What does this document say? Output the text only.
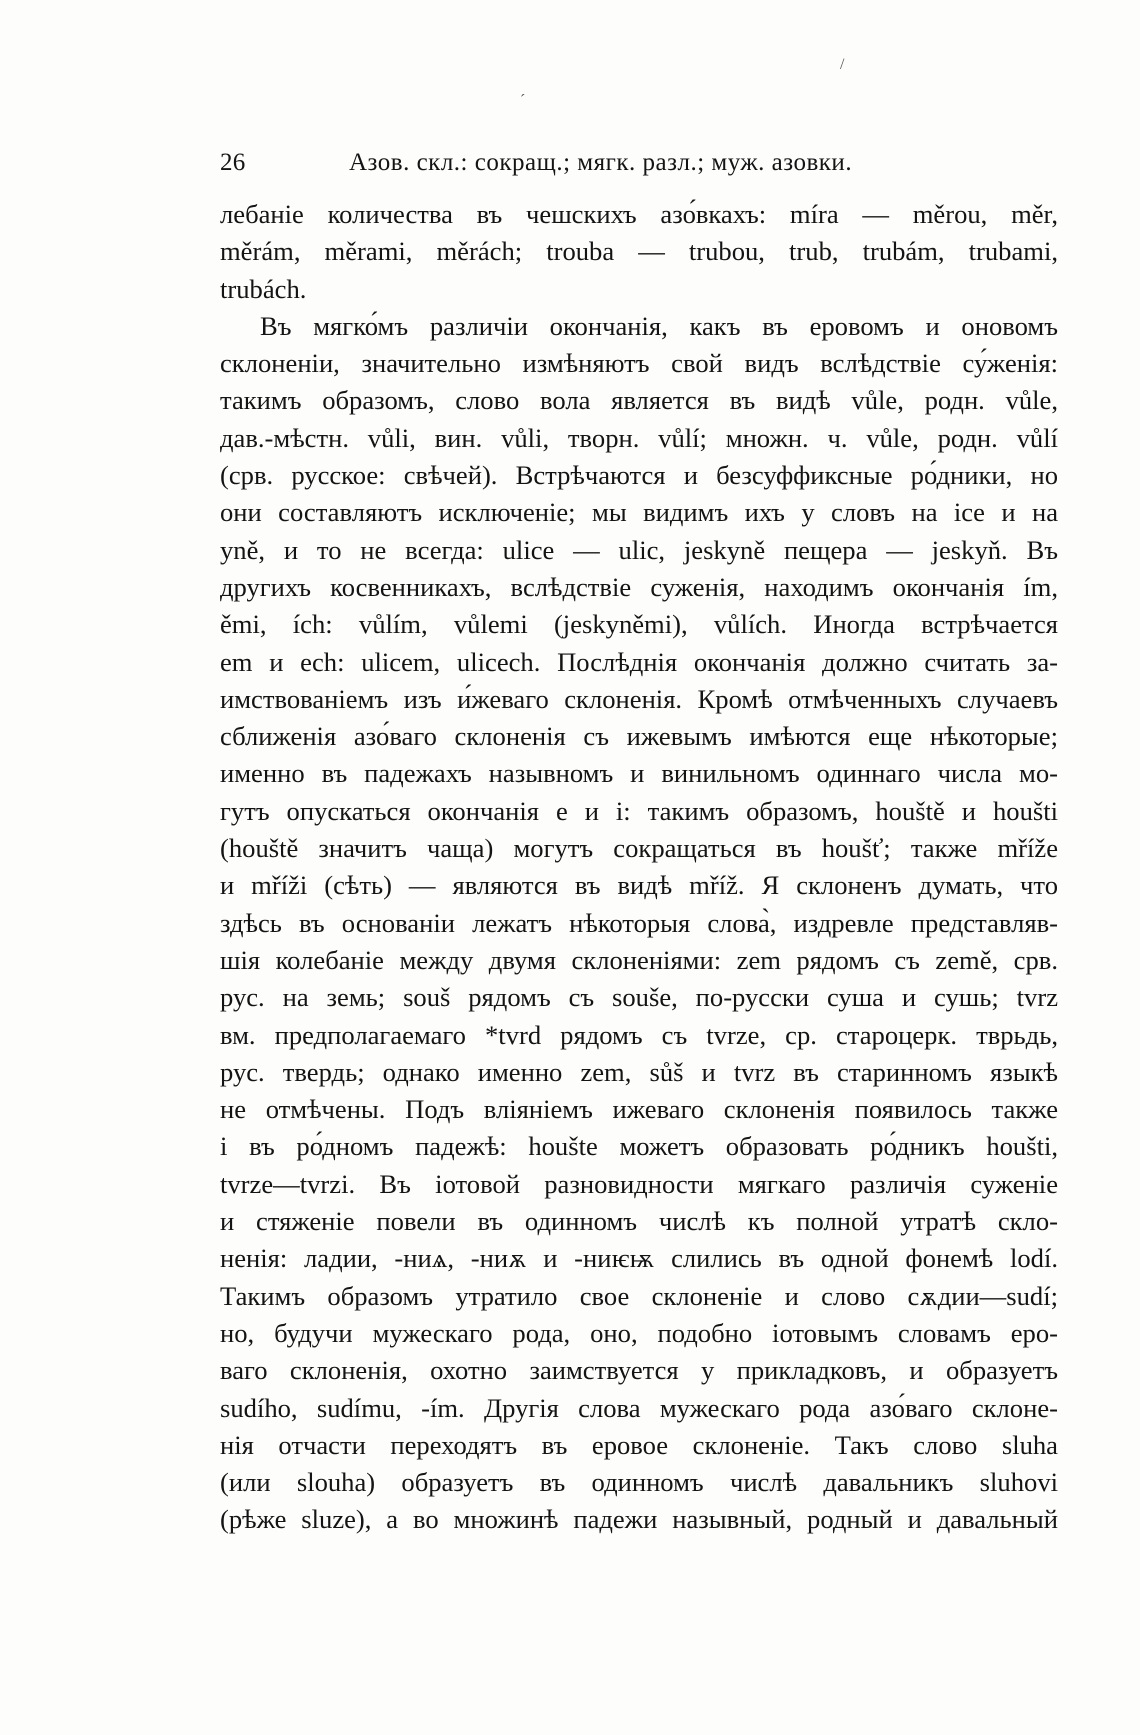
/
´
26	Азов. скл.: сокращ.; мягк. разл.; муж. азовки.
лебаніе количества въ чешскихъ азо́вкахъ: míra — měrou, měr,
měrám, měrami, měrách; trouba — trubou, trub, trubám, trubami,
trubách.
Въ мягко́мъ различіи окончанія, какъ въ еровомъ и оновомъ
склоненіи, значительно измѣняютъ свой видъ вслѣдствіе су́женія:
такимъ образомъ, слово вола является въ видѣ vůle, родн. vůle,
дав.-мѣстн. vůli, вин. vůli, творн. vůlí; множн. ч. vůle, родн. vůlí
(срв. русское: свѣчей). Встрѣчаются и безсуффиксные ро́дники, но
они составляютъ исключеніе; мы видимъ ихъ у словъ на ice и на
yně, и то не всегда: ulice — ulic, jeskyně пещера — jeskyň. Въ
другихъ косвенникахъ, вслѣдствіе суженія, находимъ окончанія ím,
ěmi, ích: vůlím, vůlemi (jeskyněmi), vůlích. Иногда встрѣчается
em и ech: ulicem, ulicech. Послѣднія окончанія должно считать за-
имствованіемъ изъ и́жеваго склоненія. Кромѣ отмѣченныхъ случаевъ
сближенія азо́ваго склоненія съ ижевымъ имѣются еще нѣкоторые;
именно въ падежахъ назывномъ и винильномъ одиннаго числа мо-
гутъ опускаться окончанія e и i: такимъ образомъ, houště и houšti
(houště значитъ чаща) могутъ сокращаться въ houšť; также mříže
и mříži (сѣть) — являются въ видѣ mříž. Я склоненъ думать, что
здѣсь въ основаніи лежатъ нѣкоторыя слова̀, издревле представляв-
шія колебаніе между двумя склоненіями: zem рядомъ съ země, срв.
рус. на земь; souš рядомъ съ souše, по-русски суша и сушь; tvrz
вм. предполагаемаго *tvrd рядомъ съ tvrze, ср. староцерк. тврьдь,
рус. твердь; однако именно zem, sůš и tvrz въ старинномъ языкѣ
не отмѣчены. Подъ вліяніемъ ижеваго склоненія появилось также
i въ ро́дномъ падежѣ: houšte можетъ образовать ро́дникъ houšti,
tvrze—tvrzi. Въ іотовой разновидности мягкаго различія суженіе
и стяженіе повели въ одинномъ числѣ къ полной утратѣ скло-
ненія: ладии, -ниѧ, -ниѫ и -ниѥѭ слились въ одной фонемѣ lodí.
Такимъ образомъ утратило свое склоненіе и слово сѫдии—sudí;
но, будучи мужескаго рода, оно, подобно іотовымъ словамъ еро-
ваго склоненія, охотно заимствуется у прикладковъ, и образуетъ
sudího, sudímu, -ím. Другія слова мужескаго рода азо́ваго склоне-
нія отчасти переходятъ въ еровое склоненіе. Такъ слово sluha
(или slouha) образуетъ въ одинномъ числѣ давальникъ sluhovi
(рѣже sluze), а во множинѣ падежи назывный, родный и давальный
